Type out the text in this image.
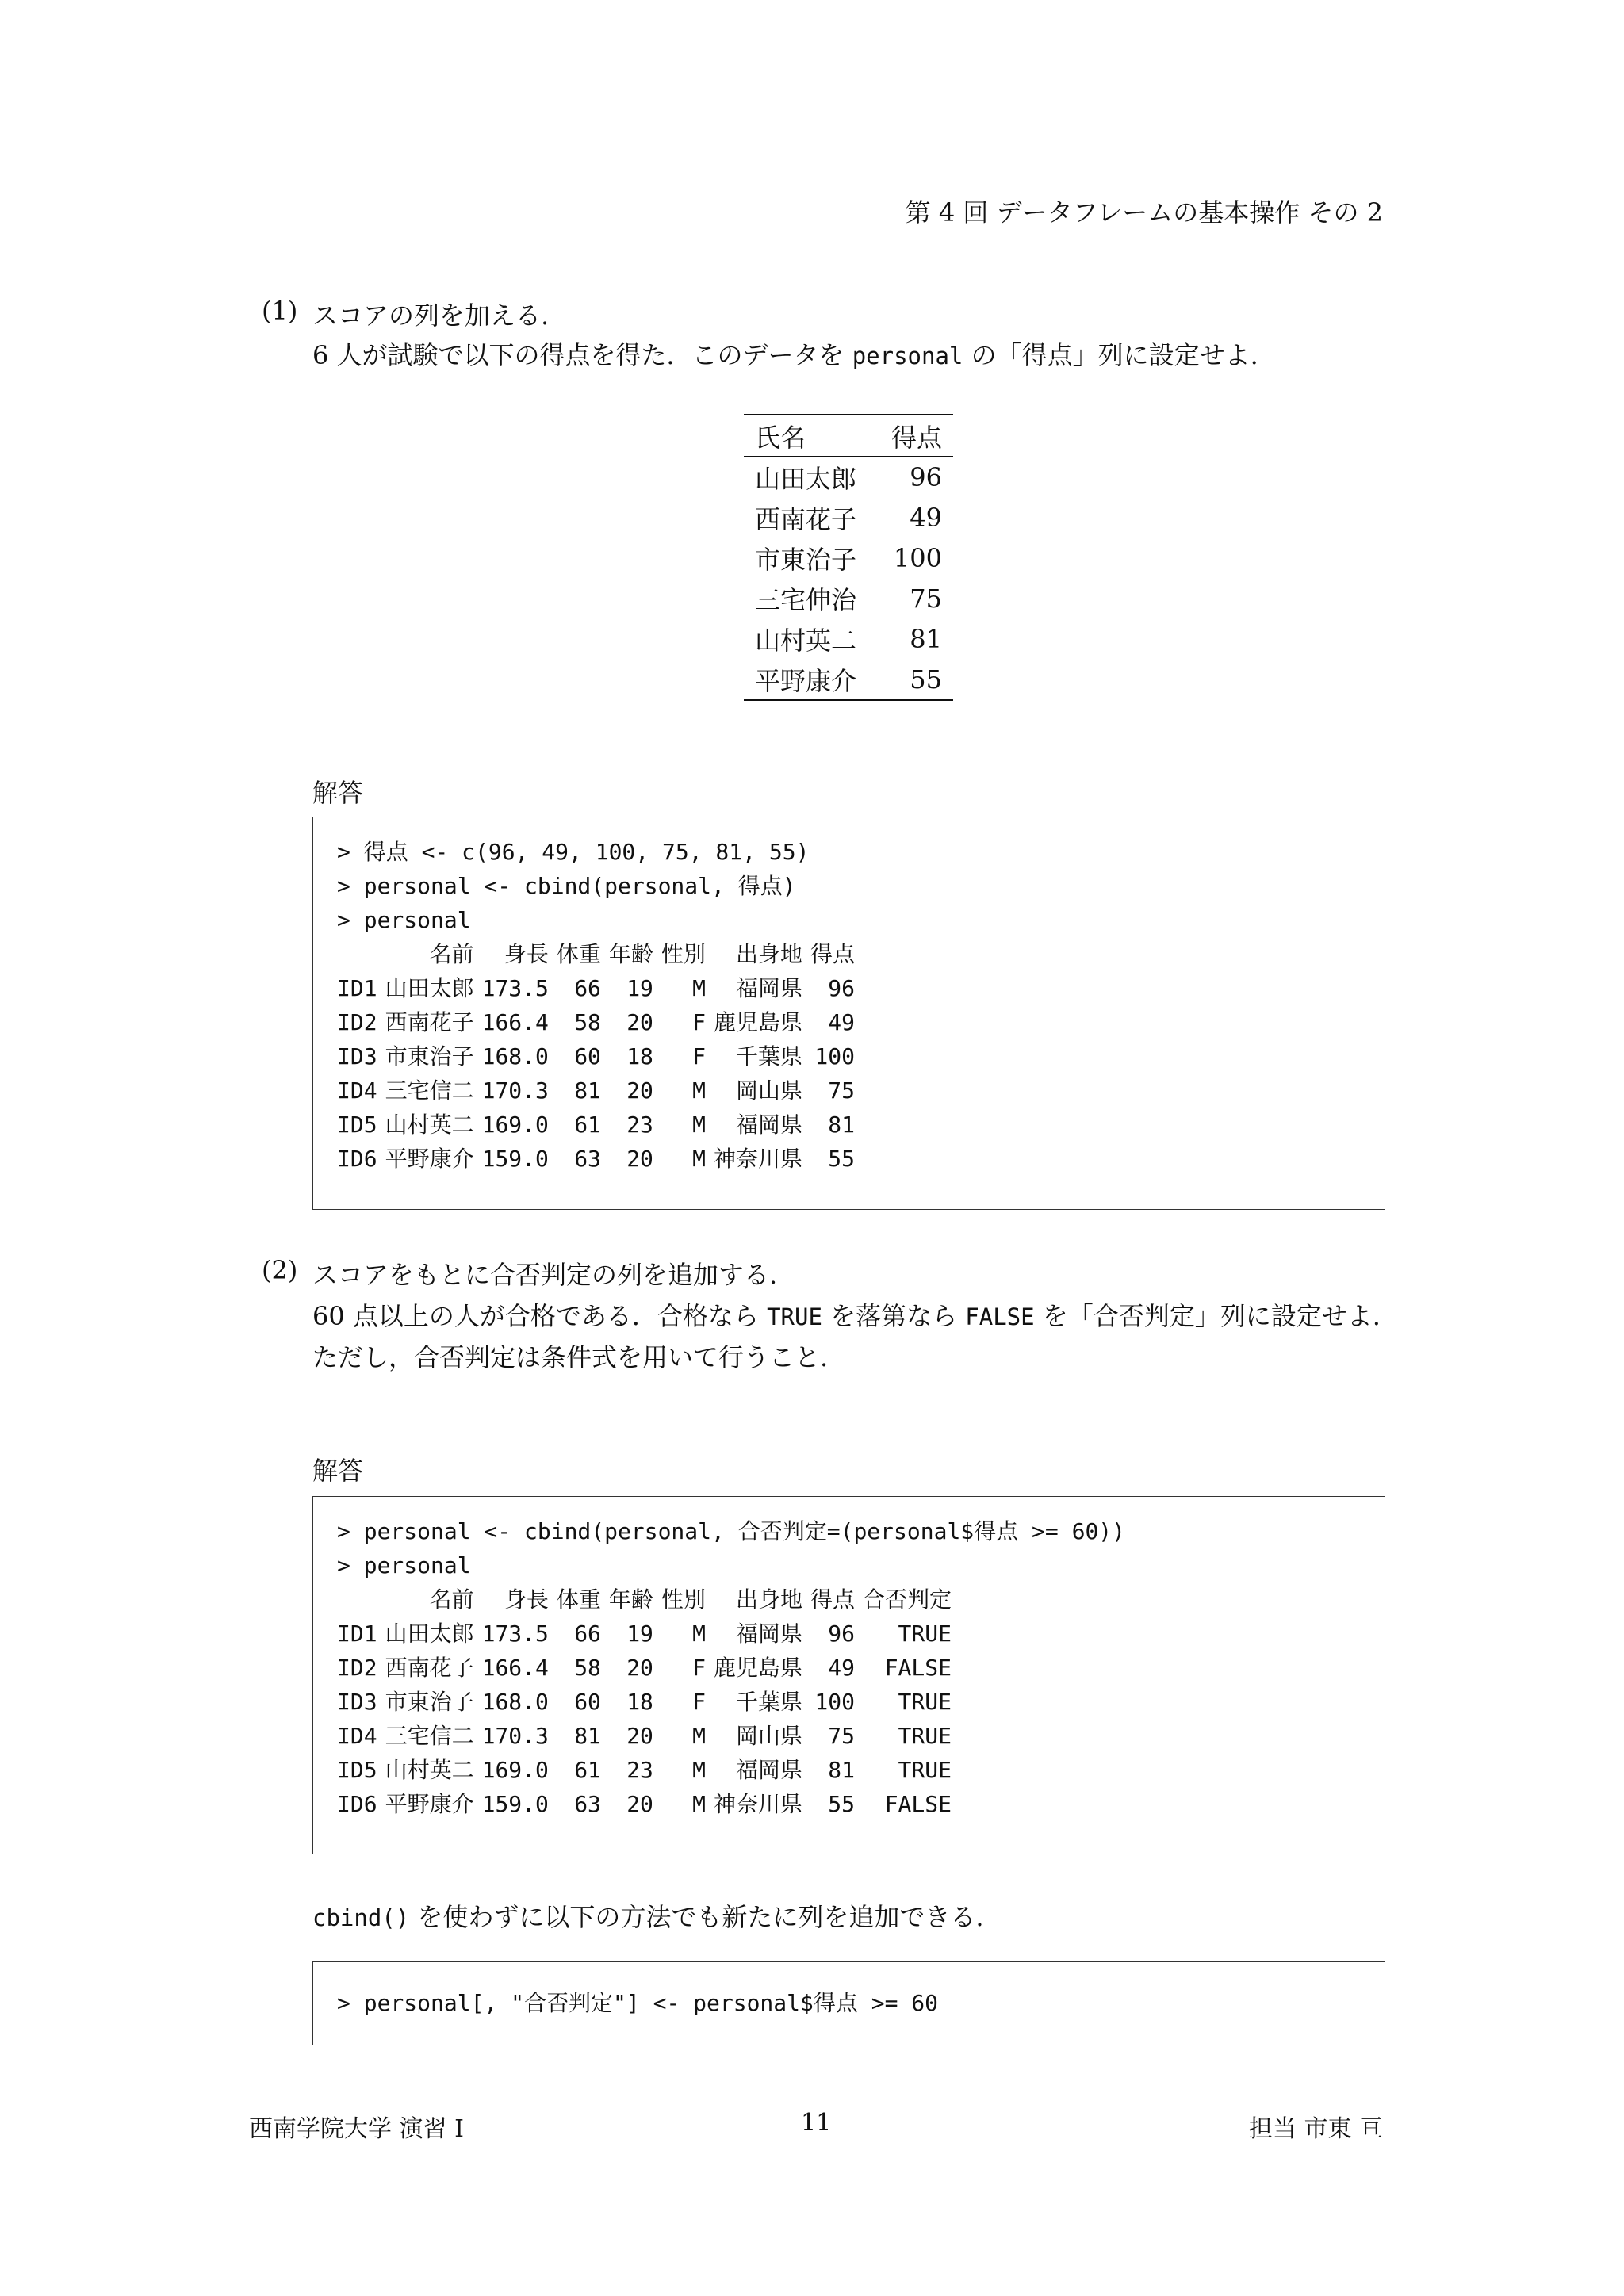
第 4 回 データフレームの基本操作 その 2
(1) スコアの列を加える.
6 人が試験で以下の得点を得た．このデータを personal の「得点」列に設定せよ.
氏名	得点
山田太郎	96
西南花子	49
市東治子	100
三宅伸治	75
山村英二	81
平野康介	55
解答
> 得点 <- c(96, 49, 100, 75, 81, 55)
> personal <- cbind(personal, 得点)
> personal
	名前	身長	体重	年齢	性別	出身地	得点
ID1	山田太郎	173.5	66	19	M	福岡県	96
ID2	西南花子	166.4	58	20	F	鹿児島県	49
ID3	市東治子	168.0	60	18	F	千葉県	100
ID4	三宅信二	170.3	81	20	M	岡山県	75
ID5	山村英二	169.0	61	23	M	福岡県	81
ID6	平野康介	159.0	63	20	M	神奈川県	55
(2) スコアをもとに合否判定の列を追加する.
60 点以上の人が合格である．合格なら TRUE を落第なら FALSE を「合否判定」列に設定せよ.
ただし，合否判定は条件式を用いて行うこと.
解答
> personal <- cbind(personal, 合否判定=(personal$得点 >= 60))
> personal
	名前	身長	体重	年齢	性別	出身地	得点	合否判定
ID1	山田太郎	173.5	66	19	M	福岡県	96	TRUE
ID2	西南花子	166.4	58	20	F	鹿児島県	49	FALSE
ID3	市東治子	168.0	60	18	F	千葉県	100	TRUE
ID4	三宅信二	170.3	81	20	M	岡山県	75	TRUE
ID5	山村英二	169.0	61	23	M	福岡県	81	TRUE
ID6	平野康介	159.0	63	20	M	神奈川県	55	FALSE
cbind() を使わずに以下の方法でも新たに列を追加できる.
> personal[, "合否判定"] <- personal$得点 >= 60
西南学院大学 演習 I	11	担当 市東 亘
